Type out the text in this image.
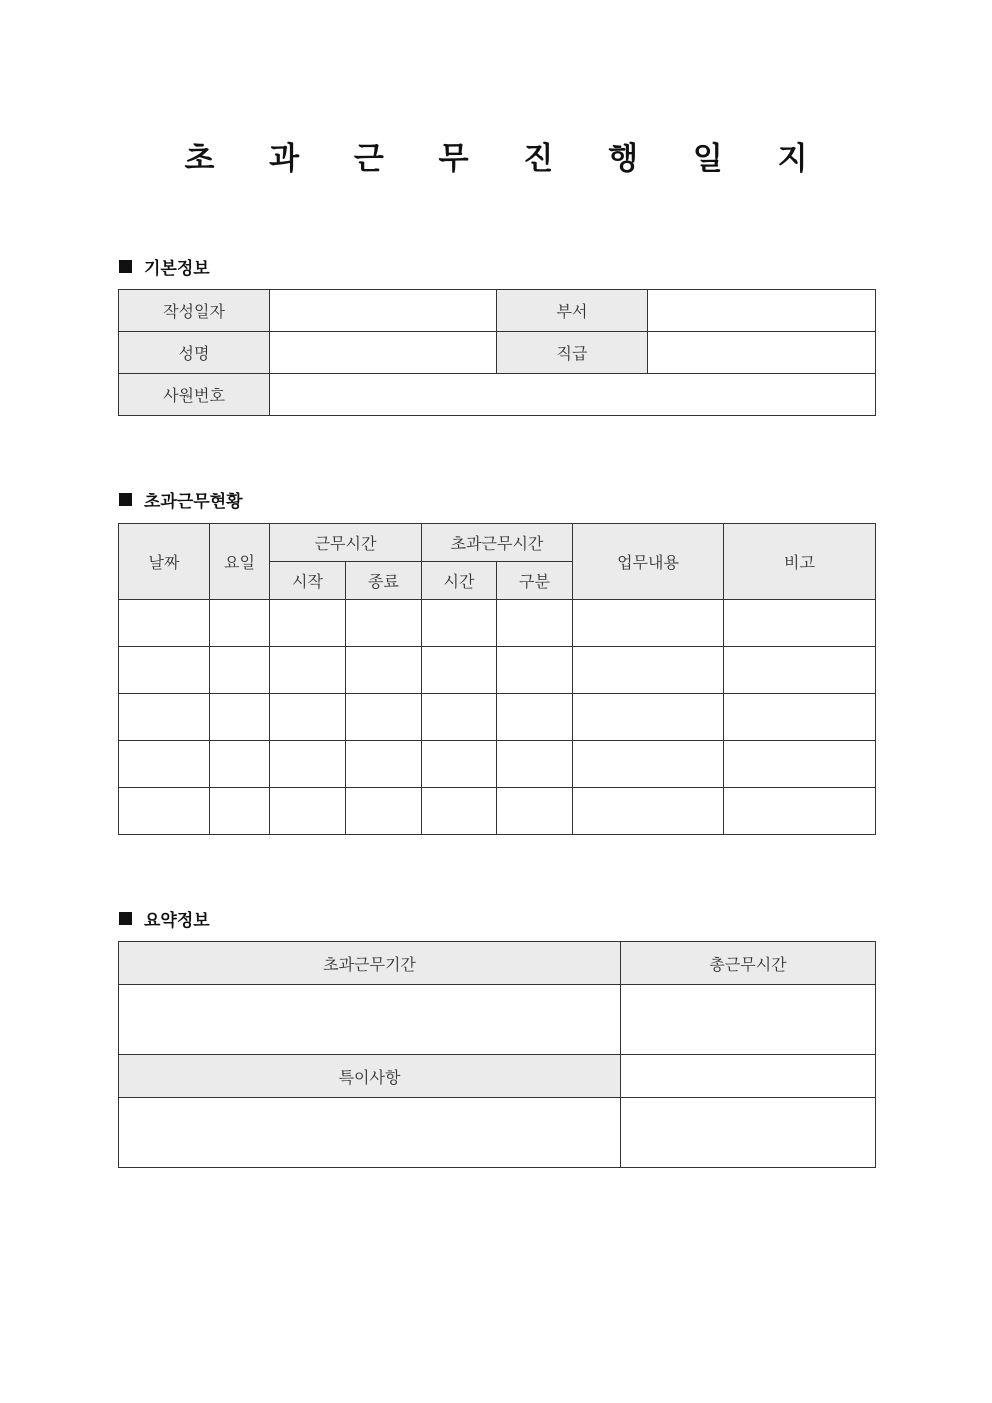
초 과 근 무 진 행 일 지
기본정보
작성일자		부서	
성명		직급	
사원번호			
초과근무현황
날짜	요일	근무시간		초과근무시간		업무내용	비고
		시작	종료	시간	구분		

요약정보
초과근무기간	총근무시간

특이사항	
